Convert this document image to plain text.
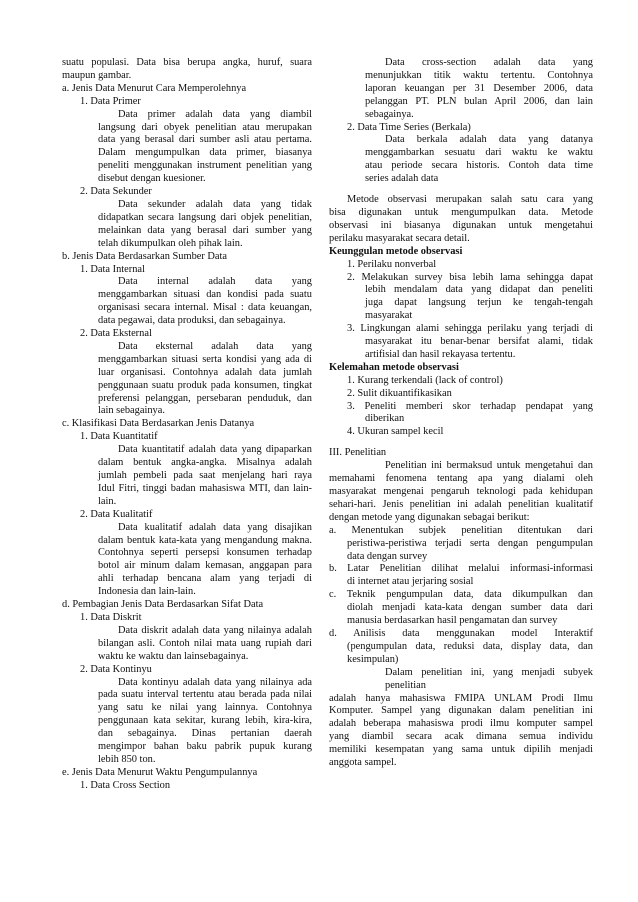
suatu populasi. Data bisa berupa angka, huruf, suara
maupun gambar.
a. Jenis Data Menurut Cara Memperolehnya
1. Data Primer
Data primer adalah data yang diambil
langsung dari obyek penelitian atau merupakan
data yang berasal dari sumber asli atau pertama.
Dalam mengumpulkan data primer, biasanya
peneliti menggunakan instrument penelitian yang
disebut dengan kuesioner.
2. Data Sekunder
Data sekunder adalah data yang tidak
didapatkan secara langsung dari objek penelitian,
melainkan data yang berasal dari sumber yang
telah dikumpulkan oleh pihak lain.
b. Jenis Data Berdasarkan Sumber Data
1. Data Internal
Data internal adalah data yang
menggambarkan situasi dan kondisi pada suatu
organisasi secara internal. Misal : data keuangan,
data pegawai, data produksi, dan sebagainya.
2. Data Eksternal
Data eksternal adalah data yang
menggambarkan situasi serta kondisi yang ada di
luar organisasi. Contohnya adalah data jumlah
penggunaan suatu produk pada konsumen, tingkat
preferensi pelanggan, persebaran penduduk, dan
lain sebagainya.
c. Klasifikasi Data Berdasarkan Jenis Datanya
1. Data Kuantitatif
Data kuantitatif adalah data yang dipaparkan
dalam bentuk angka-angka. Misalnya adalah
jumlah pembeli pada saat menjelang hari raya
Idul Fitri, tinggi badan mahasiswa MTI, dan lain-
lain.
2. Data Kualitatif
Data kualitatif adalah data yang disajikan
dalam bentuk kata-kata yang mengandung makna.
Contohnya seperti persepsi konsumen terhadap
botol air minum dalam kemasan, anggapan para
ahli terhadap bencana alam yang terjadi di
Indonesia dan lain-lain.
d. Pembagian Jenis Data Berdasarkan Sifat Data
1. Data Diskrit
Data diskrit adalah data yang nilainya adalah
bilangan asli. Contoh nilai mata uang rupiah dari
waktu ke waktu dan lainsebagainya.
2. Data Kontinyu
Data kontinyu adalah data yang nilainya ada
pada suatu interval tertentu atau berada pada nilai
yang satu ke nilai yang lainnya. Contohnya
penggunaan kata sekitar, kurang lebih, kira-kira,
dan sebagainya. Dinas pertanian daerah
mengimpor bahan baku pabrik pupuk kurang
lebih 850 ton.
e. Jenis Data Menurut Waktu Pengumpulannya
1. Data Cross Section
Data cross-section adalah data yang
menunjukkan titik waktu tertentu. Contohnya
laporan keuangan per 31 Desember 2006, data
pelanggan PT. PLN bulan April 2006, dan lain
sebagainya.
2. Data Time Series (Berkala)
Data berkala adalah data yang datanya
menggambarkan sesuatu dari waktu ke waktu
atau periode secara historis. Contoh data time
series adalah data
Metode observasi merupakan salah satu cara yang
bisa digunakan untuk mengumpulkan data. Metode
observasi ini biasanya digunakan untuk mengetahui
perilaku masyarakat secara detail.
Keunggulan metode observasi
1. Perilaku nonverbal
2. Melakukan survey bisa lebih lama sehingga dapat
lebih mendalam data yang didapat dan peneliti
juga dapat langsung terjun ke tengah-tengah
masyarakat
3. Lingkungan alami sehingga perilaku yang terjadi di
masyarakat itu benar-benar bersifat alami, tidak
artifisial dan hasil rekayasa tertentu.
Kelemahan metode observasi
1. Kurang terkendali (lack of control)
2. Sulit dikuantifikasikan
3. Peneliti memberi skor terhadap pendapat yang
diberikan
4. Ukuran sampel kecil
III. Penelitian
Penelitian ini bermaksud untuk mengetahui dan
memahami fenomena tentang apa yang dialami oleh
masyarakat mengenai pengaruh teknologi pada kehidupan
sehari-hari. Jenis penelitian ini adalah penelitian kualitatif
dengan metode yang digunakan sebagai berikut:
a. Menentukan subjek penelitian ditentukan dari
peristiwa-peristiwa terjadi serta dengan pengumpulan
data dengan survey
b. Latar Penelitian dilihat melalui informasi-informasi
di internet atau jerjaring sosial
c. Teknik pengumpulan data, data dikumpulkan dan
diolah menjadi kata-kata dengan sumber data dari
manusia berdasarkan hasil pengamatan dan survey
d. Anilisis data menggunakan model Interaktif
(pengumpulan data, reduksi data, display data, dan
kesimpulan)
Dalam penelitian ini, yang menjadi subyek penelitian
adalah hanya mahasiswa FMIPA UNLAM Prodi Ilmu
Komputer. Sampel yang digunakan dalam penelitian ini
adalah beberapa mahasiswa prodi ilmu komputer sampel
yang diambil secara acak dimana semua individu
memiliki kesempatan yang sama untuk dipilih menjadi
anggota sampel.
